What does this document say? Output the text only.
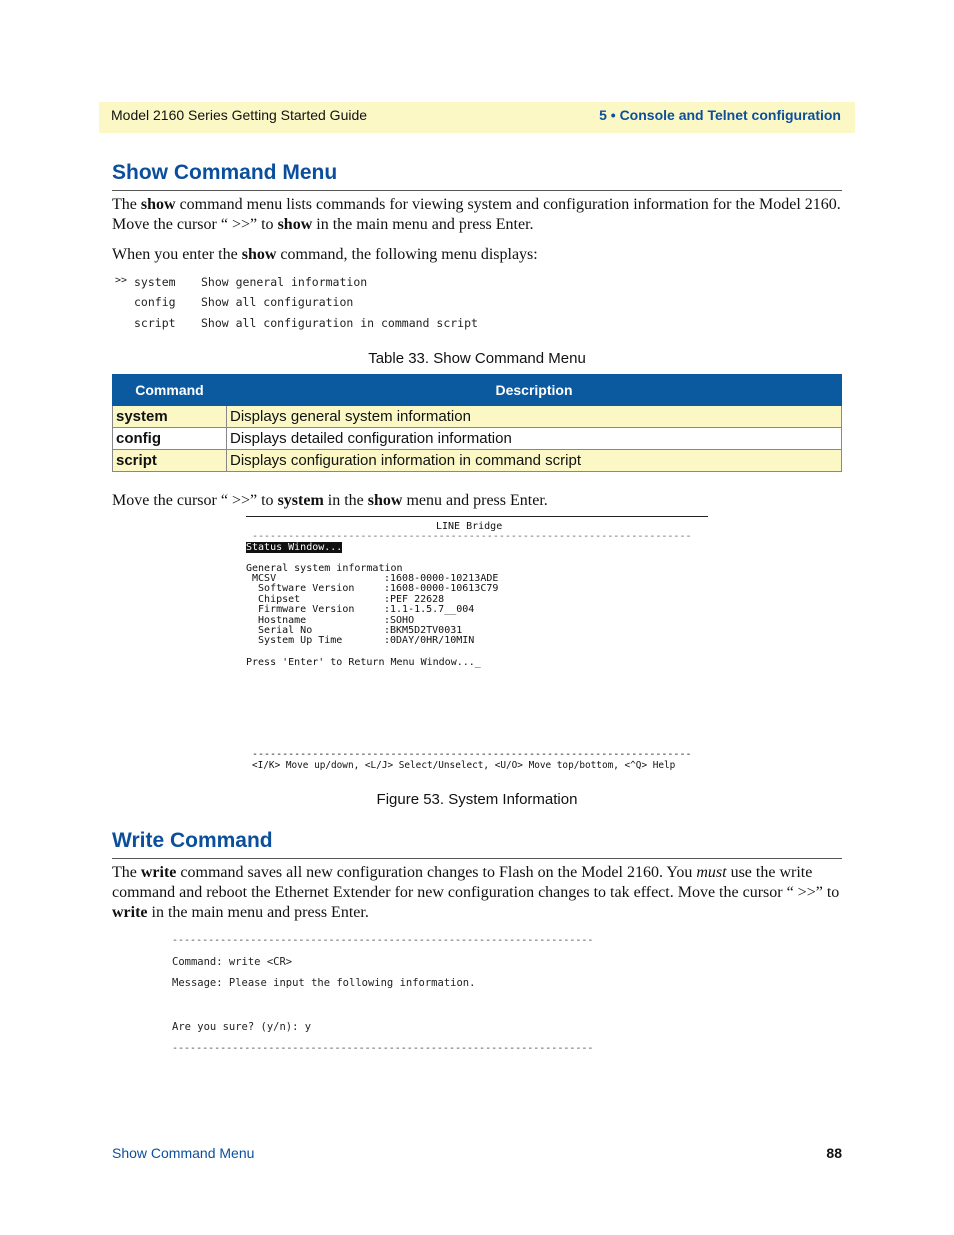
Model 2160 Series Getting Started Guide	5 • Console and Telnet configuration
Show Command Menu

The show command menu lists commands for viewing system and configuration information for the Model 2160. Move the cursor “ >>” to show in the main menu and press Enter.

When you enter the show command, the following menu displays:

>> system Show general information
config Show all configuration
script Show all configuration in command script
Table 33. Show Command Menu
Command	Description
system	Displays general system information
config	Displays detailed configuration information
script	Displays configuration information in command script

Move the cursor “ >>” to system in the show menu and press Enter.

LINE Bridge
-------------------------------------------------------------------------
Status Window...
General system information
MCSV	:1608-0000-10213ADE
Software Version	:1608-0000-10613C79
Chipset	:PEF 22628
Firmware Version	:1.1-1.5.7__004
Hostname	:SOHO
Serial No	:BKM5D2TV0031
System Up Time	:0DAY/0HR/10MIN
Press 'Enter' to Return Menu Window..._
-------------------------------------------------------------------------
<I/K> Move up/down, <L/J> Select/Unselect, <U/O> Move top/bottom, <^Q> Help
Figure 53. System Information
Write Command

The write command saves all new configuration changes to Flash on the Model 2160. You must use the write command and reboot the Ethernet Extender for new configuration changes to tak effect. Move the cursor “ >>” to write in the main menu and press Enter.

----------------------------------------------------------------------
Command: write <CR>
Message: Please input the following information.
Are you sure? (y/n): y
----------------------------------------------------------------------
Show Command Menu	88
